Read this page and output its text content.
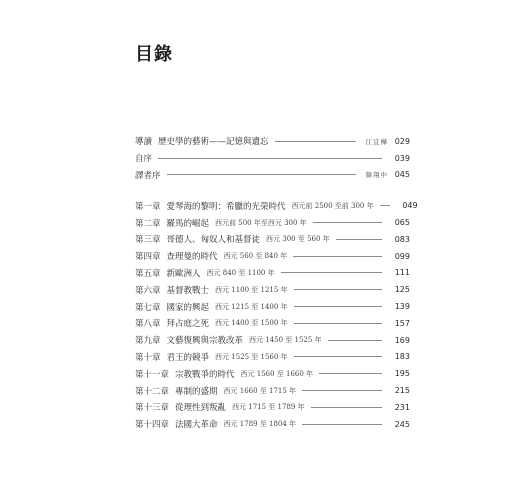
目錄
導讀 歷史學的藝術——記憶與遺忘	江宜樺 029
自序	039
譯者序	韓翔中 045
第一章 愛琴海的黎明：希臘的光榮時代 西元前 2500 至前 300 年	049
第二章 羅馬的崛起 西元前 500 年至西元 300 年	065
第三章 哥德人、匈奴人和基督徒 西元 300 至 560 年	083
第四章 查理曼的時代 西元 560 至 840 年	099
第五章 新歐洲人 西元 840 至 1100 年	111
第六章 基督教戰士 西元 1100 至 1215 年	125
第七章 國家的興起 西元 1215 至 1400 年	139
第八章 拜占庭之死 西元 1400 至 1500 年	157
第九章 文藝復興與宗教改革 西元 1450 至 1525 年	169
第十章 君王的競爭 西元 1525 至 1560 年	183
第十一章 宗教戰爭的時代 西元 1560 至 1660 年	195
第十二章 專制的盛期 西元 1660 至 1715 年	215
第十三章 從理性到叛亂 西元 1715 至 1789 年	231
第十四章 法國大革命 西元 1789 至 1804 年	245
